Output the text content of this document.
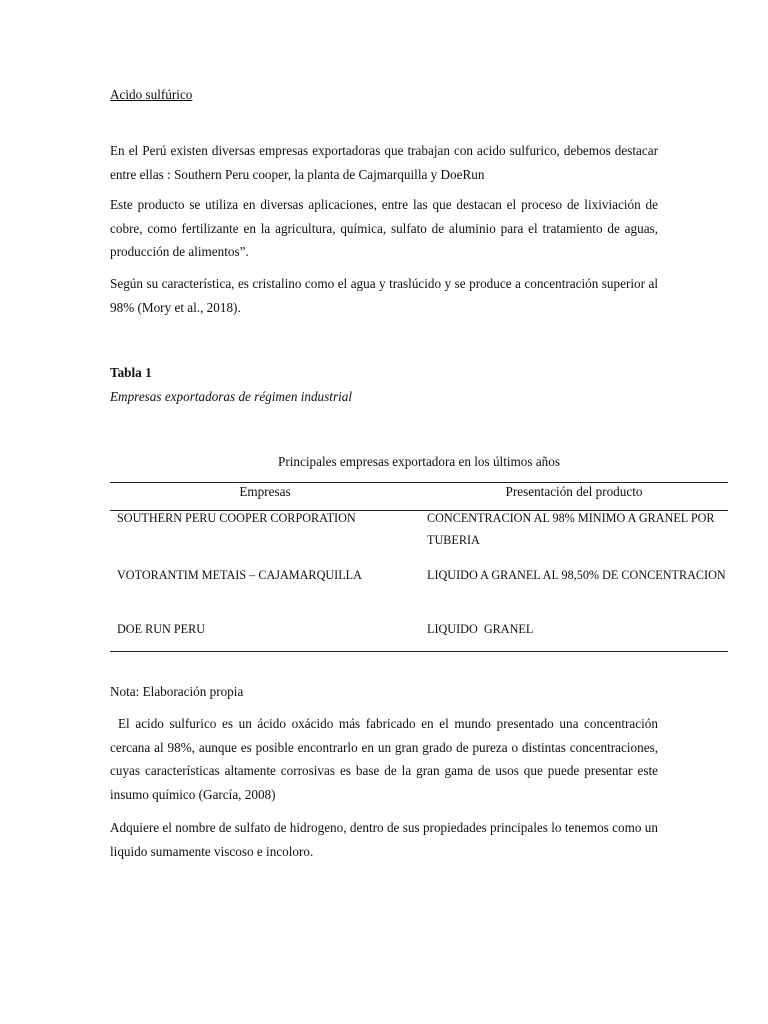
Acido sulfúrico

En el Perú existen diversas empresas exportadoras que trabajan con acido sulfurico, debemos destacar entre ellas : Southern Peru cooper, la planta de Cajmarquilla y DoeRun

Este producto se utiliza en diversas aplicaciones, entre las que destacan el proceso de lixiviación de cobre, como fertilizante en la agricultura, química, sulfato de aluminio para el tratamiento de aguas, producción de alimentos”.

Según su característica, es cristalino como el agua y traslúcido y se produce a concentración superior al 98% (Mory et al., 2018).

Tabla 1
Empresas exportadoras de régimen industrial
Nota: Elaboración propia

El acido sulfurico es un ácido oxácido más fabricado en el mundo presentado una concentración cercana al 98%, aunque es posible encontrarlo en un gran grado de pureza o distintas concentraciones, cuyas características altamente corrosivas es base de la gran gama de usos que puede presentar este insumo químico (García, 2008)

Adquiere el nombre de sulfato de hidrogeno, dentro de sus propiedades principales lo tenemos como un liquido sumamente viscoso e incoloro.

Principales empresas exportadora en los últimos años
Empresas	Presentación del producto
SOUTHERN PERU COOPER CORPORATION	CONCENTRACION AL 98% MINIMO A GRANEL POR TUBERIA
VOTORANTIM METAIS – CAJAMARQUILLA	LIQUIDO A GRANEL AL 98,50% DE CONCENTRACION
DOE RUN PERU	LIQUIDO  GRANEL
